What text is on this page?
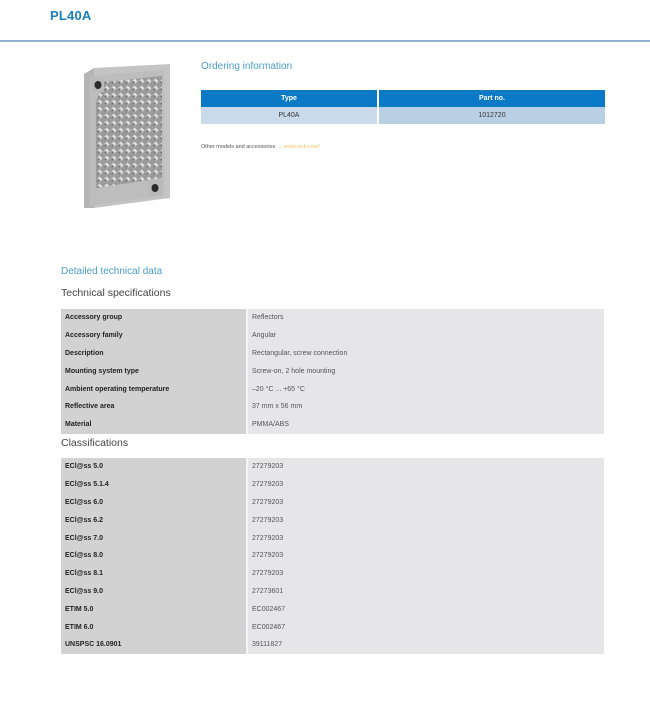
PL40A
Ordering information
Type	Part no.
PL40A	1012720
Other models and accessories → www.sick.com/
Detailed technical data
Technical specifications
Accessory group	Reflectors
Accessory family	Angular
Description	Rectangular, screw connection
Mounting system type	Screw-on, 2 hole mounting
Ambient operating temperature	–20 °C ... +65 °C
Reflective area	37 mm x 56 mm
Material	PMMA/ABS
Classifications
ECl@ss 5.0	27279203
ECl@ss 5.1.4	27279203
ECl@ss 6.0	27279203
ECl@ss 6.2	27279203
ECl@ss 7.0	27279203
ECl@ss 8.0	27279203
ECl@ss 8.1	27279203
ECl@ss 9.0	27273601
ETIM 5.0	EC002467
ETIM 6.0	EC002467
UNSPSC 16.0901	39111827
